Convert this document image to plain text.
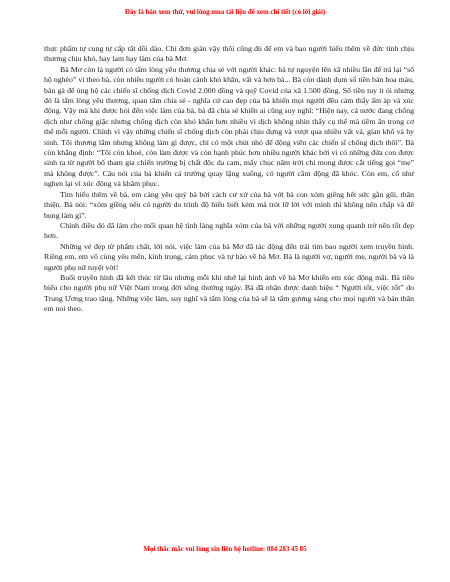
Đây là bản xem thử, vui lòng mua tài liệu để xem chi tiết (có lời giải)

thực phẩm tự cung tự cấp rất dồi dào. Chỉ đơn giản vậy thôi cũng đủ để em và bao người hiểu thêm về đức tính chịu thương chịu khó, hay lam hay làm của bà Mơ.

Bà Mơ còn là người có tấm lòng yêu thương chia sẻ với người khác: bà tự nguyện lên xã nhiều lần để trả lại “sổ hộ nghèo” vì theo bà, còn nhiều người có hoàn cảnh khó khăn, vất vả hơn bà... Bà còn dành dụm số tiền bán hoa màu, bán gà để ủng hộ các chiến sĩ chống dịch Covid 2.000 đồng và quỹ Covid của xã 1.500 đồng. Số tiền tuy ít ỏi nhưng đó là tấm lòng yêu thương, quan tâm chia sẻ - nghĩa cử cao đẹp của bà khiến mọi người đều cảm thấy ấm áp và xúc động. Vậy mà khi được hỏi đến việc làm của bà, bà đã chia sẻ khiến ai cũng suy nghĩ: “Hiện nay, cả nước đang chống dịch như chống giặc nhưng chống dịch còn khó khăn hơn nhiều vì dịch không nhìn thấy cụ thể mà tiềm ẩn trong cơ thể mỗi người. Chính vì vậy những chiến sĩ chống dịch còn phải chịu đựng và vượt qua nhiều vất vả, gian khổ và hy sinh. Tôi thương lắm nhưng không làm gì được, chỉ có một chút nhỏ để động viên các chiến sĩ chống dịch thôi”. Bà còn khẳng định: “Tôi còn khoẻ, còn làm được và còn hạnh phúc hơn nhiều người khác bởi vì có những đứa con được sinh ra từ người bố tham gia chiến trường bị chất độc da cam, mấy chục năm trời chỉ mong được cắt tiếng gọi “mẹ” mà không được”. Câu nói của bà khiến cả trường quay lặng xuống, có người cầm động đã khóc. Còn em, cổ như nghẹn lại vì xúc động và khâm phục.

Tìm hiểu thêm về bà, em càng yêu quý bà bởi cách cư xử của bà với bà con xóm giềng hết sức gần gũi, thân thiện. Bà nói: “xóm giềng nếu có người do trình độ hiểu biết kém mà trót lỡ lời với mình thì không nên chấp và để bụng làm gì”.

Chính điều đó đã làm cho mối quan hệ tình làng nghĩa xóm của bà với những người xung quanh trở nên tốt đẹp hơn.

Những vẻ đẹp từ phẩm chất, lời nói, việc làm của bà Mơ đã tác động đến trái tim bao người xem truyền hình. Riêng em, em vô cùng yêu mến, kính trọng, cảm phục và tự hào về bà Mơ. Bà là người vợ, người mẹ, người bà và là người phụ nữ tuyệt vời!

Buổi truyền hình đã kết thúc từ lâu nhưng mỗi khi nhớ lại hình ảnh về bà Mơ khiến em xúc động mãi. Bà tiêu biểu cho người phụ nữ Việt Nam trong đời sống thường ngày. Bà đã nhận được danh hiệu “ Người tốt, việc tốt” do Trung Ương trao tặng. Những việc làm, suy nghĩ và tấm lòng của bà sẽ là tấm gương sáng cho mọi người và bản thân em noi theo.

Mọi thắc mắc vui lòng xin liên hệ hotline: 084 283 45 85
